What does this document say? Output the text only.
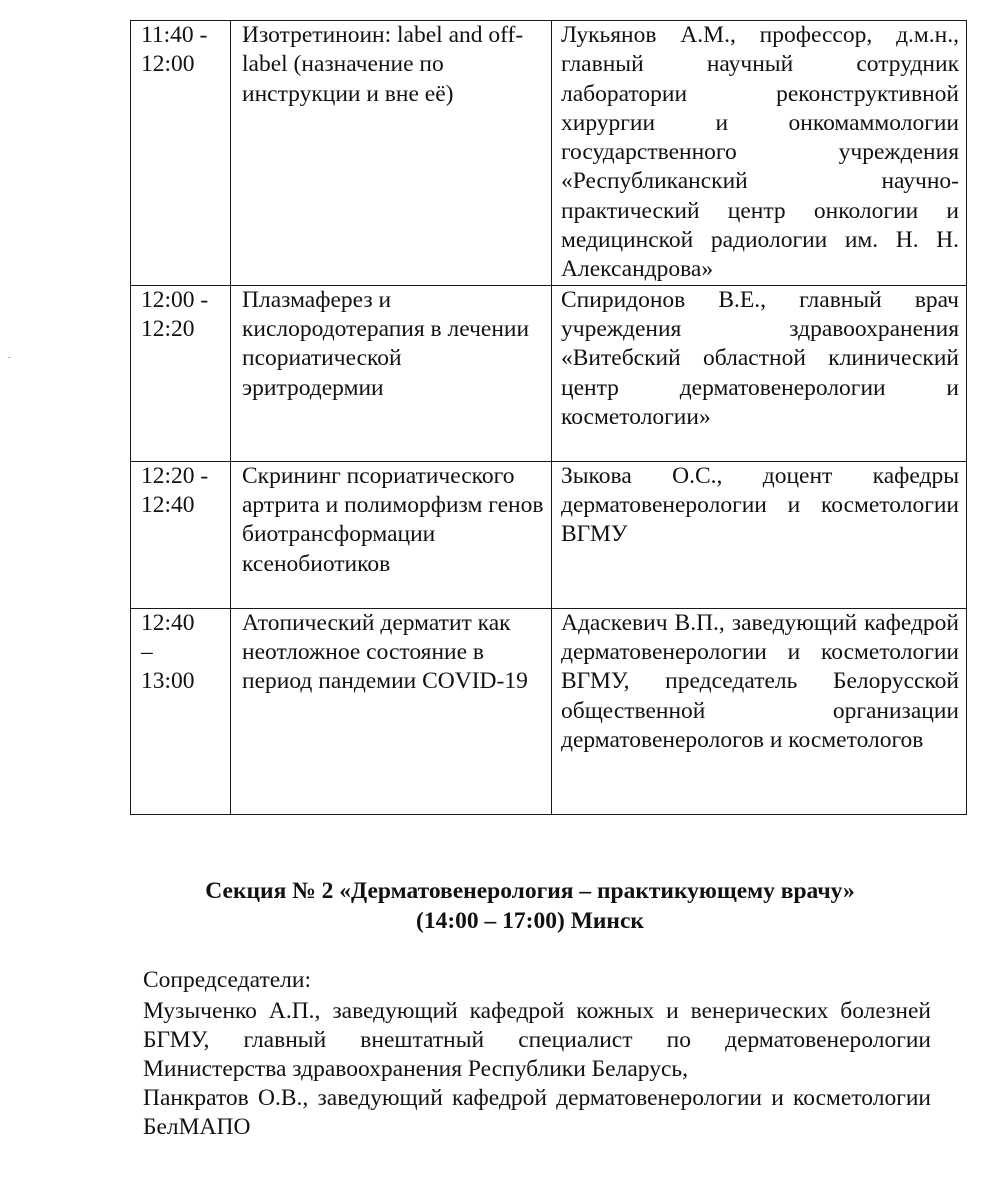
11:40 -
12:00	Изотретиноин: label and off-label (назначение по инструкции и вне её)	Лукьянов А.М., профессор, д.м.н., главный научный сотрудник лаборатории реконструктивной хирургии и онкомаммологии государственного учреждения «Республиканский научно-практический центр онкологии и медицинской радиологии им. Н. Н. Александрова»

12:00 -
12:20	Плазмаферез и кислородотерапия в лечении псориатической эритродермии	Спиридонов В.Е., главный врач учреждения здравоохранения «Витебский областной клинический центр дерматовенерологии и косметологии»

12:20 -
12:40	Скрининг псориатического артрита и полиморфизм генов биотрансформации ксенобиотиков	Зыкова О.С., доцент кафедры дерматовенерологии и косметологии ВГМУ

12:40
–
13:00	Атопический дерматит как неотложное состояние в период пандемии COVID-19	Адаскевич В.П., заведующий кафедрой дерматовенерологии и косметологии ВГМУ, председатель Белорусской общественной организации дерматовенерологов и косметологов
Секция № 2 «Дерматовенерология – практикующему врачу»
(14:00 – 17:00) Минск
Сопредседатели:
Музыченко А.П., заведующий кафедрой кожных и венерических болезней БГМУ, главный внештатный специалист по дерматовенерологии Министерства здравоохранения Республики Беларусь,
Панкратов О.В., заведующий кафедрой дерматовенерологии и косметологии БелМАПО
